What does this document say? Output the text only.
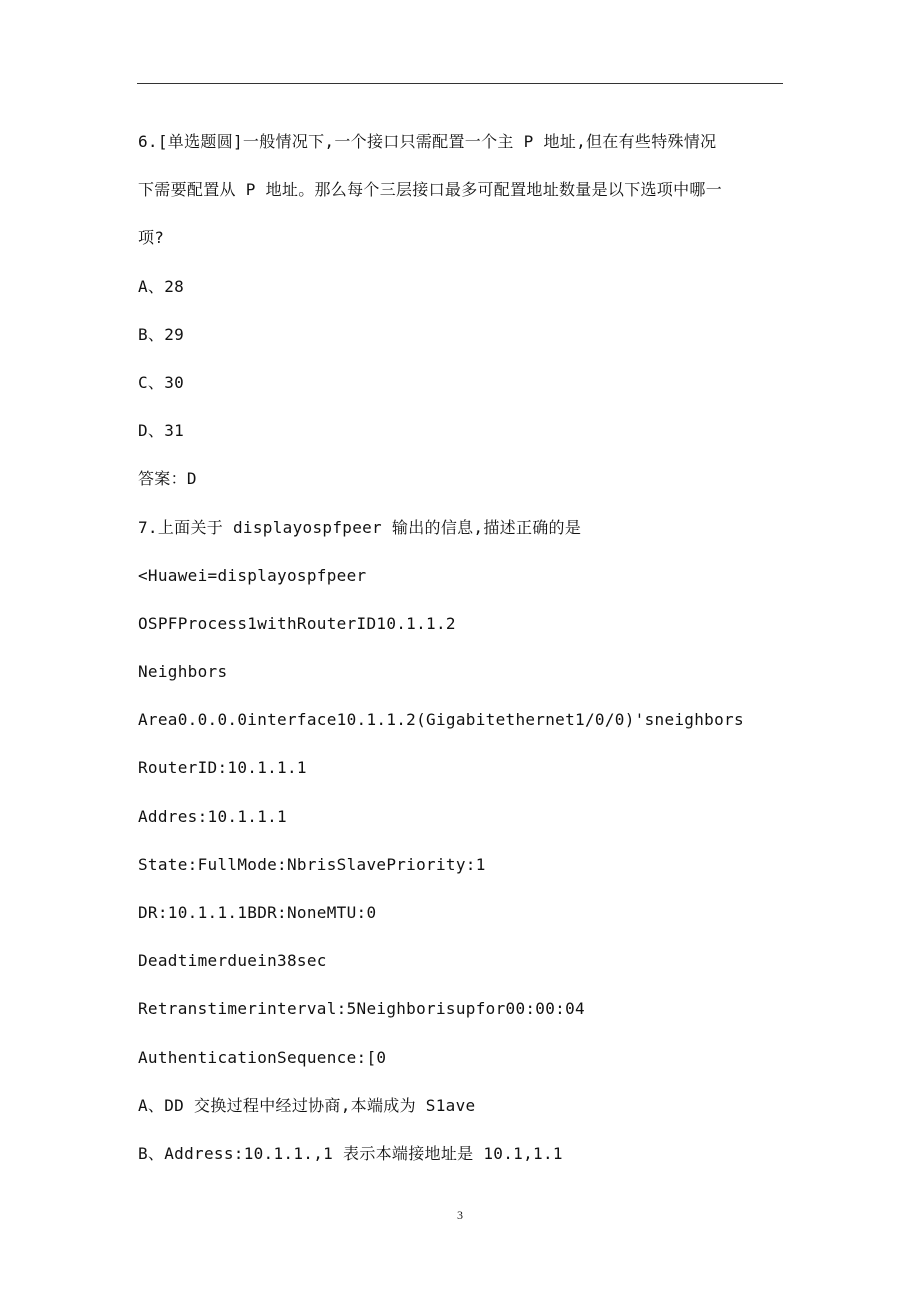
6.[单选题圆]一般情况下,一个接口只需配置一个主 P 地址,但在有些特殊情况
下需要配置从 P 地址。那么每个三层接口最多可配置地址数量是以下选项中哪一
项?
A、28
B、29
C、30
D、31
答案：D
7.上面关于 displayospfpeer 输出的信息,描述正确的是
<Huawei=displayospfpeer
OSPFProcess1withRouterID10.1.1.2
Neighbors
Area0.0.0.0interface10.1.1.2(Gigabitethernet1/0/0)'sneighbors
RouterID:10.1.1.1
Addres:10.1.1.1
State:FullMode:NbrisSlavePriority:1
DR:10.1.1.1BDR:NoneMTU:0
Deadtimerduein38sec
Retranstimerinterval:5Neighborisupfor00:00:04
AuthenticationSequence:[0
A、DD 交换过程中经过协商,本端成为 S1ave
B、Address:10.1.1.,1 表示本端接地址是 10.1,1.1
3
